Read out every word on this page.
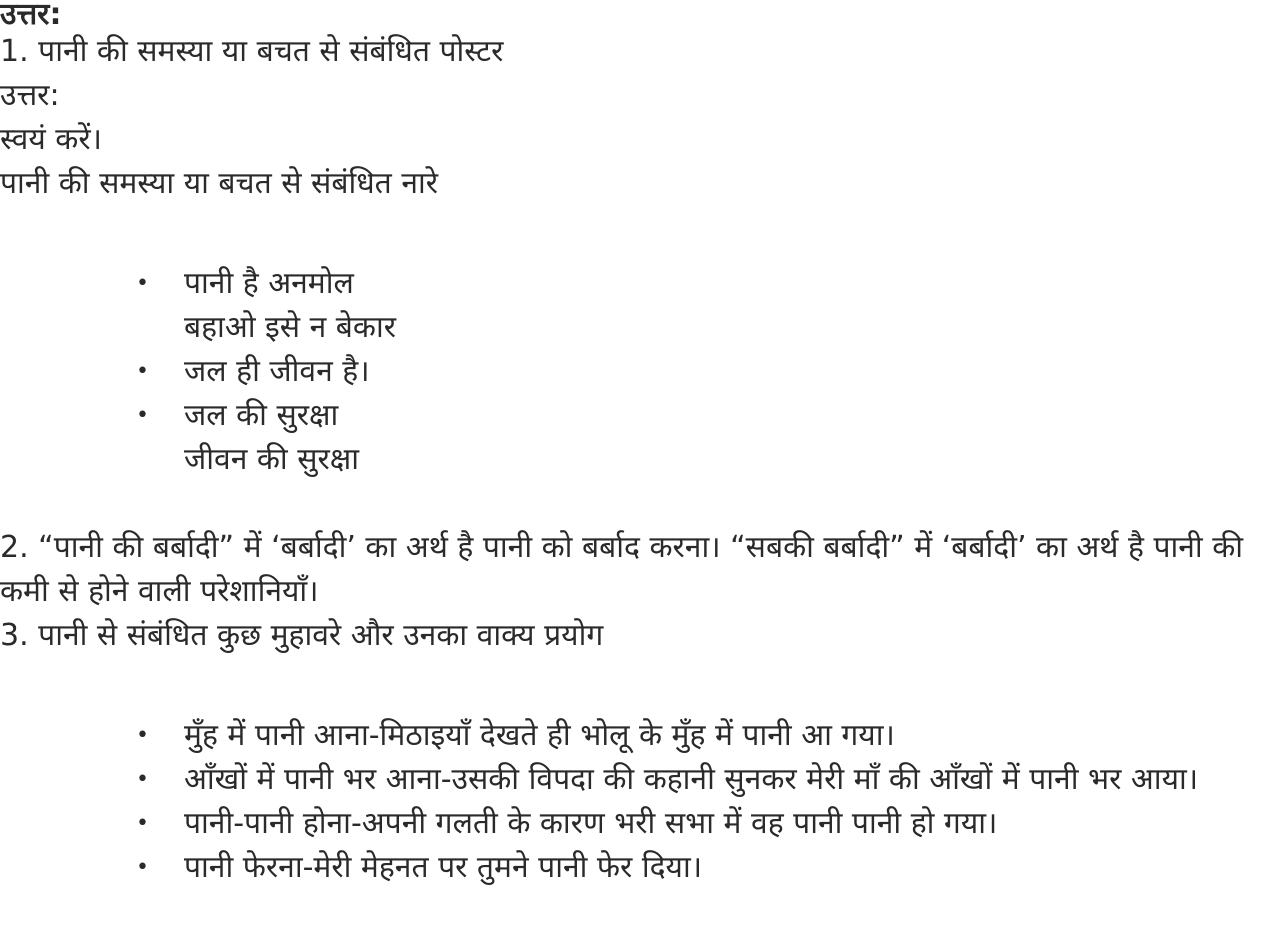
उत्तर:
1. पानी की समस्या या बचत से संबंधित पोस्टर
उत्तर:
स्वयं करें।
पानी की समस्या या बचत से संबंधित नारे
• पानी है अनमोल
बहाओ इसे न बेकार
• जल ही जीवन है।
• जल की सुरक्षा
जीवन की सुरक्षा
2. “पानी की बर्बादी” में ‘बर्बादी’ का अर्थ है पानी को बर्बाद करना। “सबकी बर्बादी” में ‘बर्बादी’ का अर्थ है पानी की कमी से होने वाली परेशानियाँ।
3. पानी से संबंधित कुछ मुहावरे और उनका वाक्य प्रयोग
• मुँह में पानी आना-मिठाइयाँ देखते ही भोलू के मुँह में पानी आ गया।
• आँखों में पानी भर आना-उसकी विपदा की कहानी सुनकर मेरी माँ की आँखों में पानी भर आया।
• पानी-पानी होना-अपनी गलती के कारण भरी सभा में वह पानी पानी हो गया।
• पानी फेरना-मेरी मेहनत पर तुमने पानी फेर दिया।
